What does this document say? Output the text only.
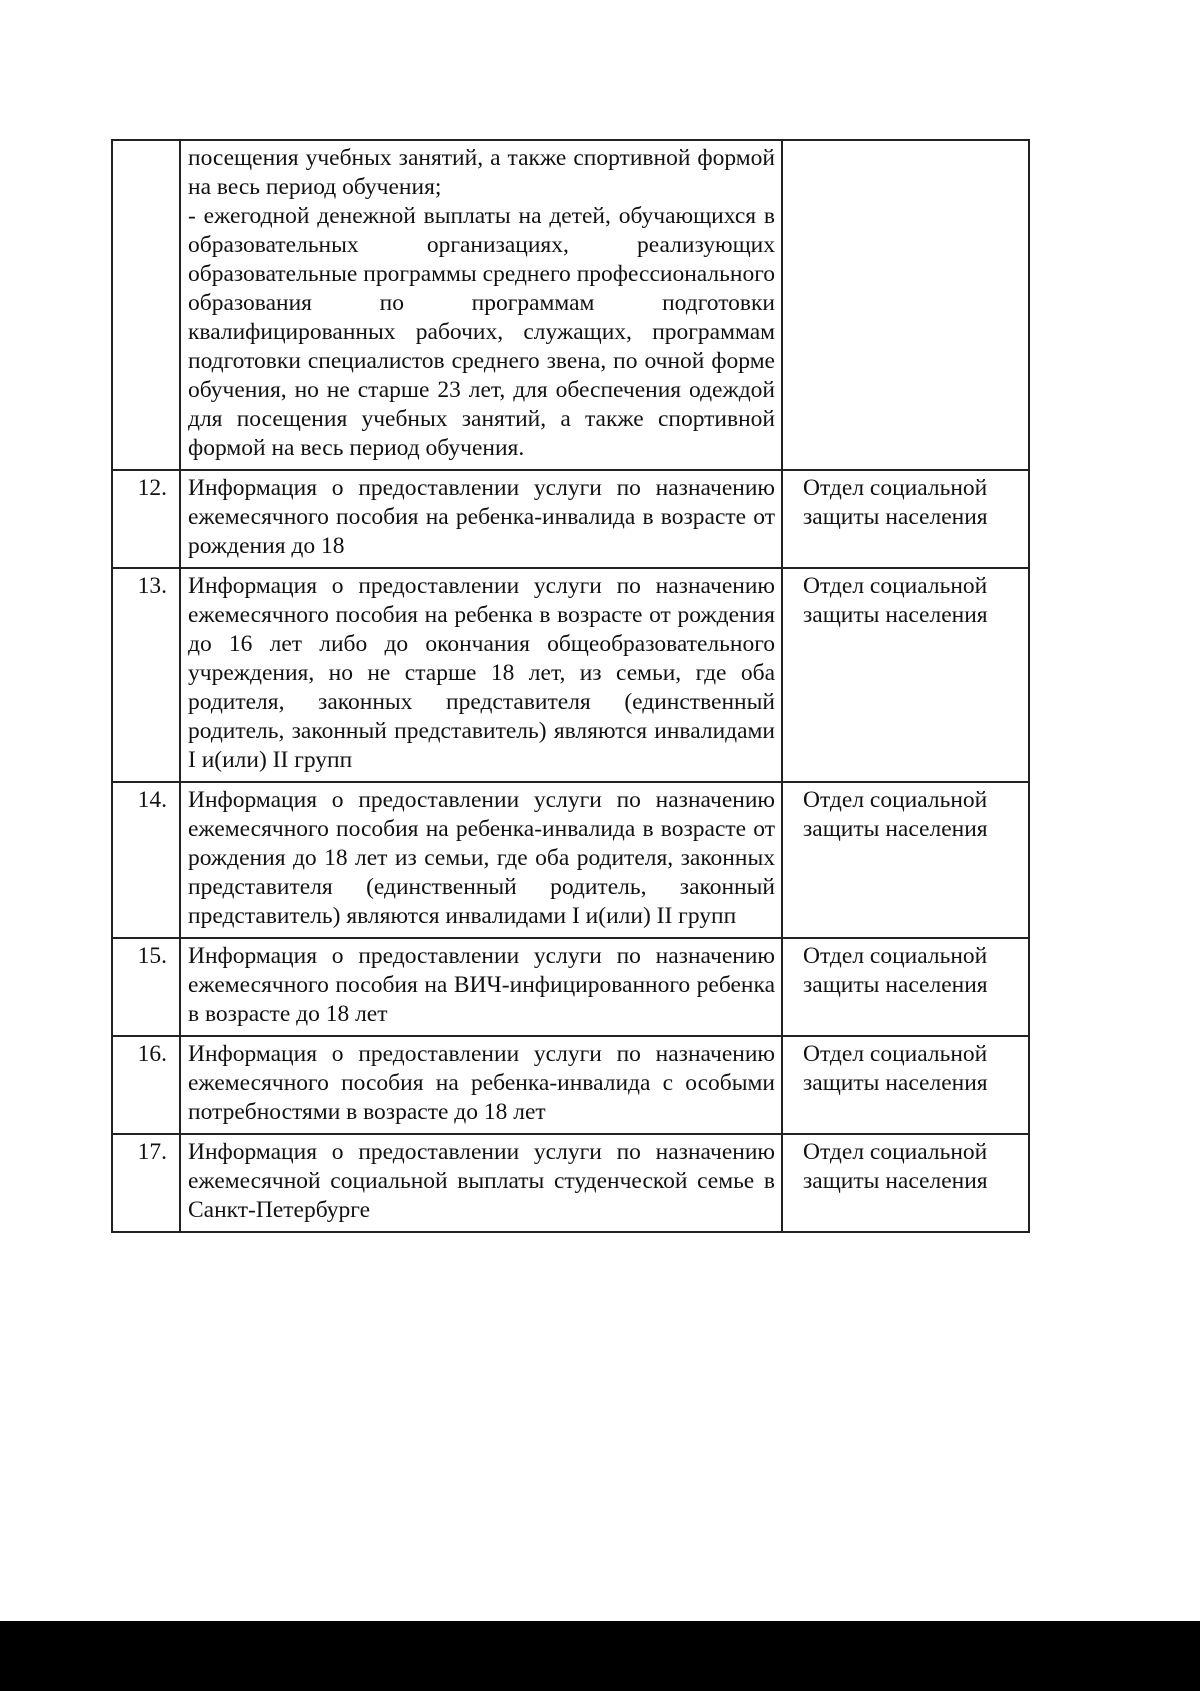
	посещения учебных занятий, а также спортивной формой на весь период обучения;
- ежегодной денежной выплаты на детей, обучающихся в образовательных организациях, реализующих образовательные программы среднего профессионального образования по программам подготовки квалифицированных рабочих, служащих, программам подготовки специалистов среднего звена, по очной форме обучения, но не старше 23 лет, для обеспечения одеждой для посещения учебных занятий, а также спортивной формой на весь период обучения.	

12.	Информация о предоставлении услуги по назначению ежемесячного пособия на ребенка-инвалида в возрасте от рождения до 18	Отдел социальной защиты населения
13.	Информация о предоставлении услуги по назначению ежемесячного пособия на ребенка в возрасте от рождения до 16 лет либо до окончания общеобразовательного учреждения, но не старше 18 лет, из семьи, где оба родителя, законных представителя (единственный родитель, законный представитель) являются инвалидами I и(или) II групп	Отдел социальной защиты населения
14.	Информация о предоставлении услуги по назначению ежемесячного пособия на ребенка-инвалида в возрасте от рождения до 18 лет из семьи, где оба родителя, законных представителя (единственный родитель, законный представитель) являются инвалидами I и(или) II групп	Отдел социальной защиты населения
15.	Информация о предоставлении услуги по назначению ежемесячного пособия на ВИЧ-инфицированного ребенка в возрасте до 18 лет	Отдел социальной защиты населения
16.	Информация о предоставлении услуги по назначению ежемесячного пособия на ребенка-инвалида с особыми потребностями в возрасте до 18 лет	Отдел социальной защиты населения
17.	Информация о предоставлении услуги по назначению ежемесячной социальной выплаты студенческой семье в Санкт-Петербурге	Отдел социальной защиты населения
